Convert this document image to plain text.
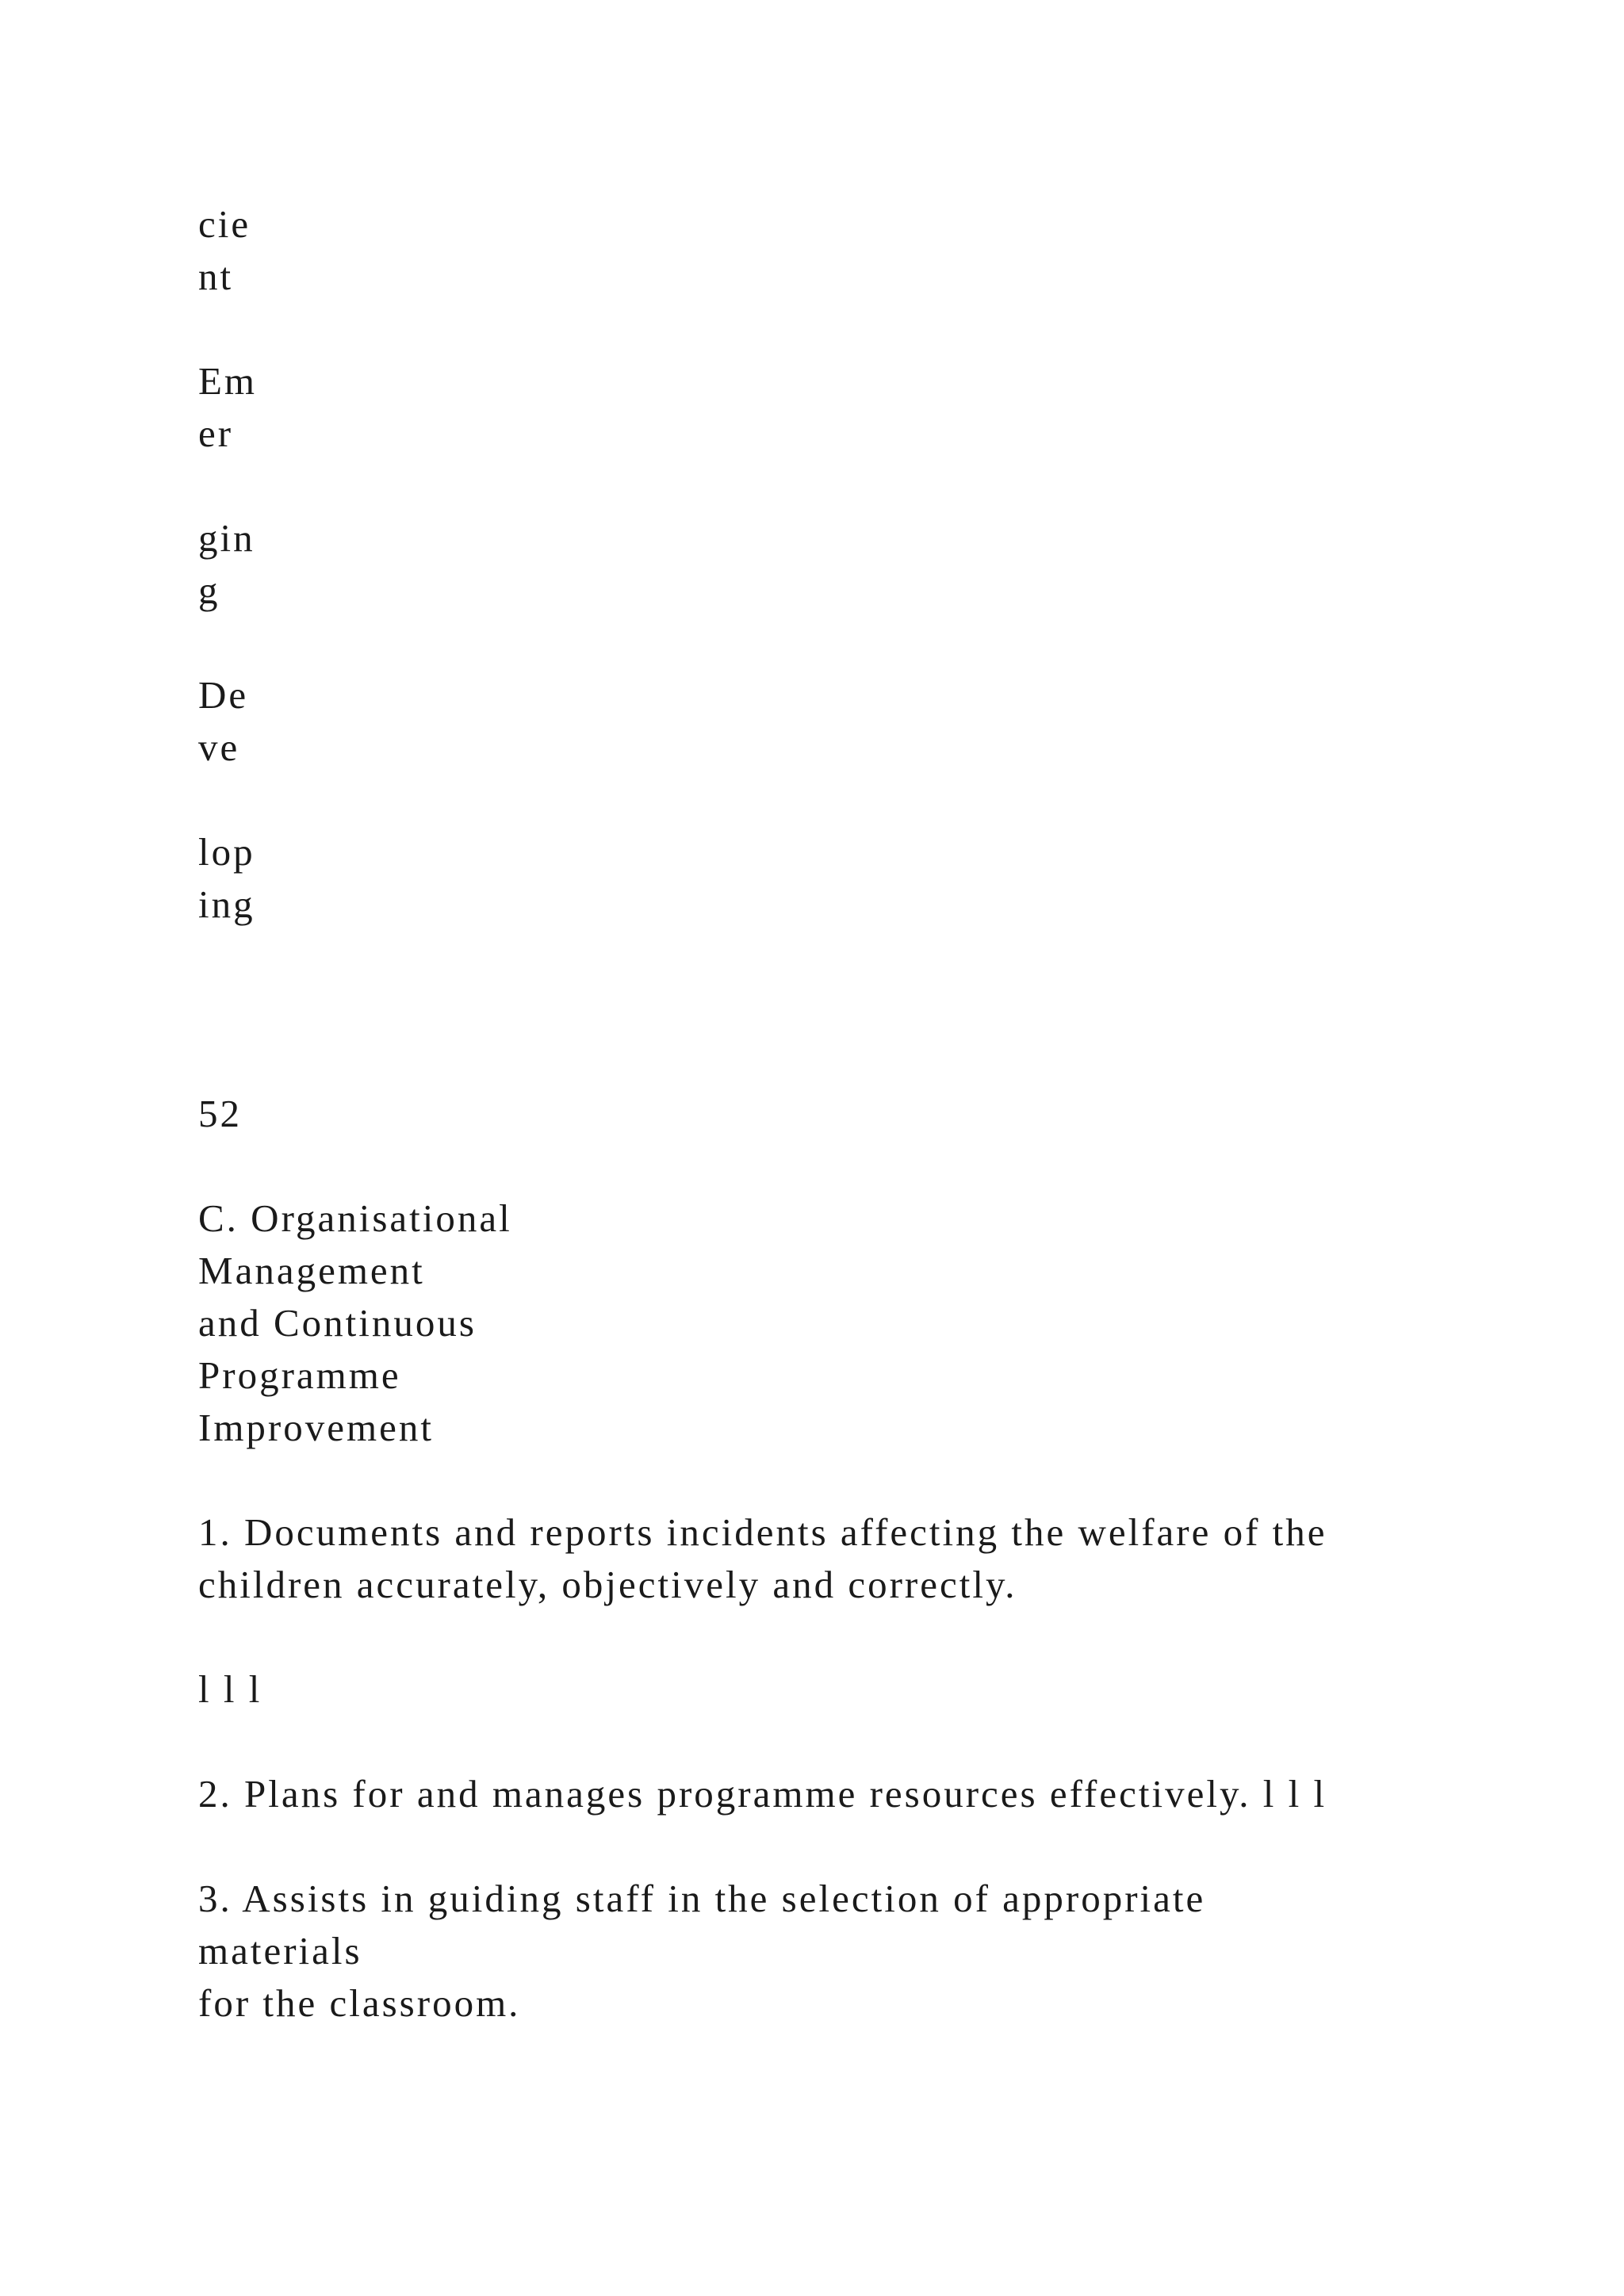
cie

nt

Em

er

gin

g

De

ve

lop

ing

52

C. Organisational

Management

and Continuous

Programme

Improvement

1. Documents and reports incidents affecting the welfare of the

children accurately, objectively and correctly.

l l l

2. Plans for and manages programme resources effectively. l l l

3. Assists in guiding staff in the selection of appropriate

materials

for the classroom.
